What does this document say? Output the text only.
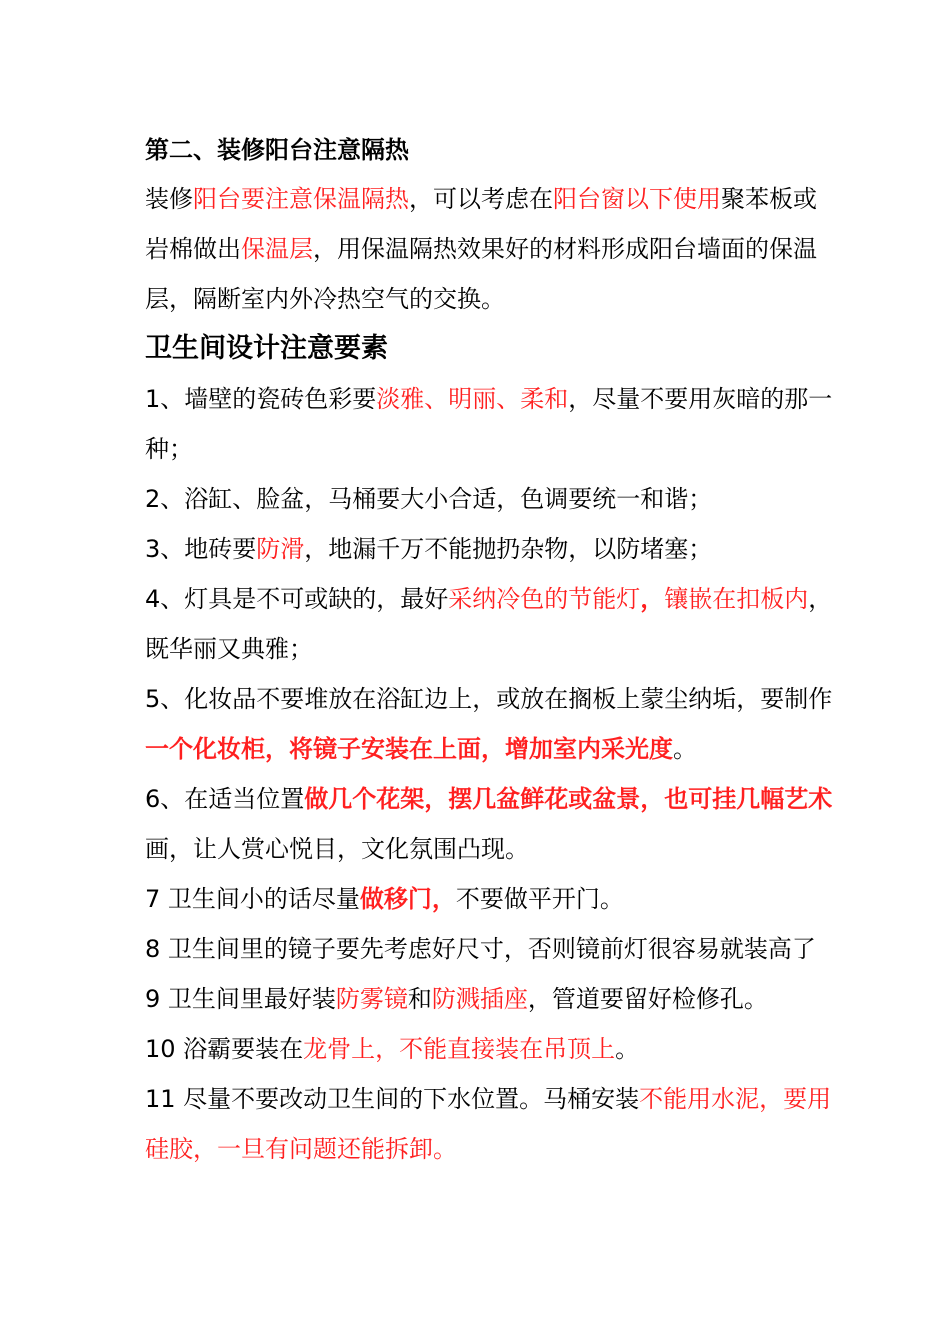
第二、装修阳台注意隔热
装修阳台要注意保温隔热，可以考虑在阳台窗以下使用聚苯板或
岩棉做出保温层，用保温隔热效果好的材料形成阳台墙面的保温
层，隔断室内外冷热空气的交换。
卫生间设计注意要素
1、墙壁的瓷砖色彩要淡雅、明丽、柔和，尽量不要用灰暗的那一
种；
2、浴缸、脸盆，马桶要大小合适，色调要统一和谐；
3、地砖要防滑，地漏千万不能抛扔杂物，以防堵塞；
4、灯具是不可或缺的，最好采纳冷色的节能灯，镶嵌在扣板内，
既华丽又典雅；
5、化妆品不要堆放在浴缸边上，或放在搁板上蒙尘纳垢，要制作
一个化妆柜，将镜子安装在上面，增加室内采光度。
6、在适当位置做几个花架，摆几盆鲜花或盆景，也可挂几幅艺术
画，让人赏心悦目，文化氛围凸现。
7 卫生间小的话尽量做移门，不要做平开门。
8 卫生间里的镜子要先考虑好尺寸，否则镜前灯很容易就装高了
9 卫生间里最好装防雾镜和防溅插座，管道要留好检修孔。
10 浴霸要装在龙骨上，不能直接装在吊顶上。
11 尽量不要改动卫生间的下水位置。马桶安装不能用水泥，要用
硅胶，一旦有问题还能拆卸。
